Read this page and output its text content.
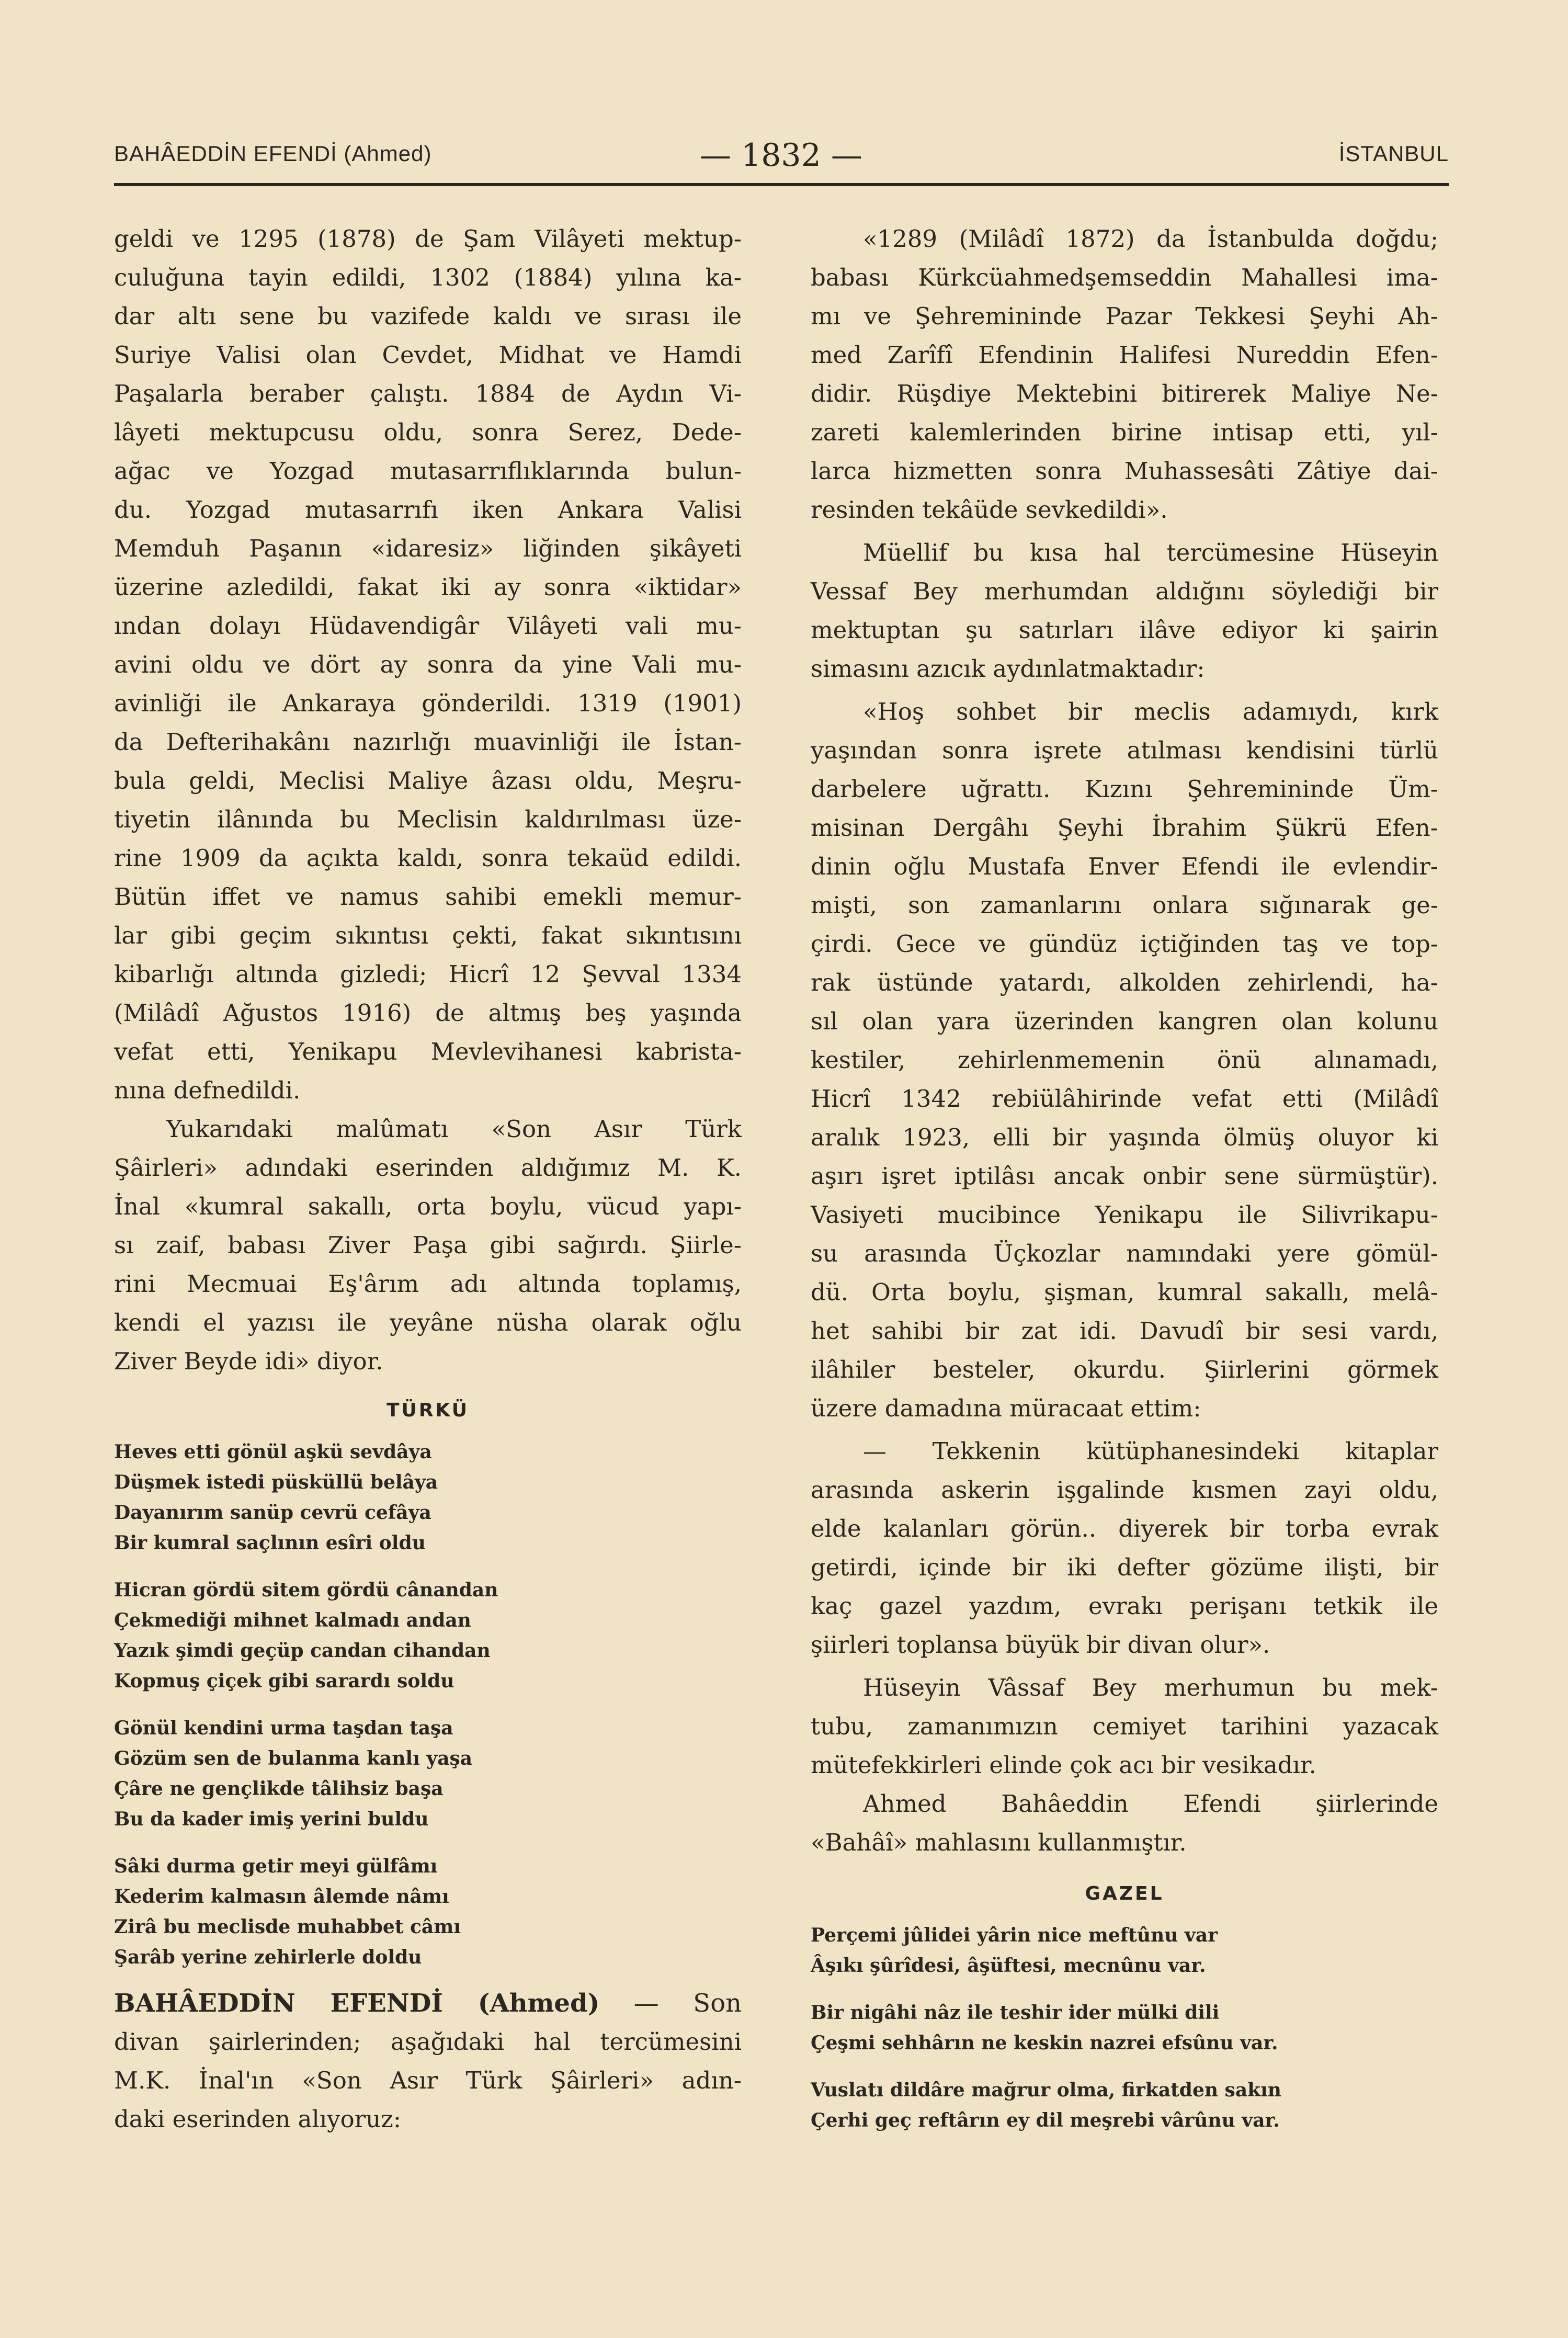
BAHÂEDDİN EFENDİ (Ahmed)	— 1832 —	İSTANBUL
geldi ve 1295 (1878) de Şam Vilâyeti mektup-
culuğuna tayin edildi, 1302 (1884) yılına ka-
dar altı sene bu vazifede kaldı ve sırası ile
Suriye Valisi olan Cevdet, Midhat ve Hamdi
Paşalarla beraber çalıştı. 1884 de Aydın Vi-
lâyeti mektupcusu oldu, sonra Serez, Dede-
ağac ve Yozgad mutasarrıflıklarında bulun-
du. Yozgad mutasarrıfı iken Ankara Valisi
Memduh Paşanın «idaresiz» liğinden şikâyeti
üzerine azledildi, fakat iki ay sonra «iktidar»
ından dolayı Hüdavendigâr Vilâyeti vali mu-
avini oldu ve dört ay sonra da yine Vali mu-
avinliği ile Ankaraya gönderildi. 1319 (1901)
da Defterihakânı nazırlığı muavinliği ile İstan-
bula geldi, Meclisi Maliye âzası oldu, Meşru-
tiyetin ilânında bu Meclisin kaldırılması üze-
rine 1909 da açıkta kaldı, sonra tekaüd edildi.
Bütün iffet ve namus sahibi emekli memur-
lar gibi geçim sıkıntısı çekti, fakat sıkıntısını
kibarlığı altında gizledi; Hicrî 12 Şevval 1334
(Milâdî Ağustos 1916) de altmış beş yaşında
vefat etti, Yenikapu Mevlevihanesi kabrista-
nına defnedildi.
Yukarıdaki malûmatı «Son Asır Türk
Şâirleri» adındaki eserinden aldığımız M. K.
İnal «kumral sakallı, orta boylu, vücud yapı-
sı zaif, babası Ziver Paşa gibi sağırdı. Şiirle-
rini Mecmuai Eş'ârım adı altında toplamış,
kendi el yazısı ile yeyâne nüsha olarak oğlu
Ziver Beyde idi» diyor.
TÜRKÜ
Heves etti gönül aşkü sevdâya
Düşmek istedi püsküllü belâya
Dayanırım sanüp cevrü cefâya
Bir kumral saçlının esîri oldu
Hicran gördü sitem gördü cânandan
Çekmediği mihnet kalmadı andan
Yazık şimdi geçüp candan cihandan
Kopmuş çiçek gibi sarardı soldu
Gönül kendini urma taşdan taşa
Gözüm sen de bulanma kanlı yaşa
Çâre ne gençlikde tâlihsiz başa
Bu da kader imiş yerini buldu
Sâki durma getir meyi gülfâmı
Kederim kalmasın âlemde nâmı
Zirâ bu meclisde muhabbet câmı
Şarâb yerine zehirlerle doldu
BAHÂEDDİN EFENDİ (Ahmed) — Son
divan şairlerinden; aşağıdaki hal tercümesini
M.K. İnal'ın «Son Asır Türk Şâirleri» adın-
daki eserinden alıyoruz:
«1289 (Milâdî 1872) da İstanbulda doğdu;
babası Kürkcüahmedşemseddin Mahallesi ima-
mı ve Şehremininde Pazar Tekkesi Şeyhi Ah-
med Zarîfî Efendinin Halifesi Nureddin Efen-
didir. Rüşdiye Mektebini bitirerek Maliye Ne-
zareti kalemlerinden birine intisap etti, yıl-
larca hizmetten sonra Muhassesâti Zâtiye dai-
resinden tekâüde sevkedildi».
Müellif bu kısa hal tercümesine Hüseyin
Vessaf Bey merhumdan aldığını söylediği bir
mektuptan şu satırları ilâve ediyor ki şairin
simasını azıcık aydınlatmaktadır:
«Hoş sohbet bir meclis adamıydı, kırk
yaşından sonra işrete atılması kendisini türlü
darbelere uğrattı. Kızını Şehremininde Üm-
misinan Dergâhı Şeyhi İbrahim Şükrü Efen-
dinin oğlu Mustafa Enver Efendi ile evlendir-
mişti, son zamanlarını onlara sığınarak ge-
çirdi. Gece ve gündüz içtiğinden taş ve top-
rak üstünde yatardı, alkolden zehirlendi, ha-
sıl olan yara üzerinden kangren olan kolunu
kestiler, zehirlenmemenin önü alınamadı,
Hicrî 1342 rebiülâhirinde vefat etti (Milâdî
aralık 1923, elli bir yaşında ölmüş oluyor ki
aşırı işret iptilâsı ancak onbir sene sürmüştür).
Vasiyeti mucibince Yenikapu ile Silivrikapu-
su arasında Üçkozlar namındaki yere gömül-
dü. Orta boylu, şişman, kumral sakallı, melâ-
het sahibi bir zat idi. Davudî bir sesi vardı,
ilâhiler besteler, okurdu. Şiirlerini görmek
üzere damadına müracaat ettim:
— Tekkenin kütüphanesindeki kitaplar
arasında askerin işgalinde kısmen zayi oldu,
elde kalanları görün.. diyerek bir torba evrak
getirdi, içinde bir iki defter gözüme ilişti, bir
kaç gazel yazdım, evrakı perişanı tetkik ile
şiirleri toplansa büyük bir divan olur».
Hüseyin Vâssaf Bey merhumun bu mek-
tubu, zamanımızın cemiyet tarihini yazacak
mütefekkirleri elinde çok acı bir vesikadır.
Ahmed Bahâeddin Efendi şiirlerinde
«Bahâî» mahlasını kullanmıştır.
GAZEL
Perçemi jûlidei yârin nice meftûnu var
Âşıkı şûrîdesi, âşüftesi, mecnûnu var.
Bir nigâhi nâz ile teshir ider mülki dili
Çeşmi sehhârın ne keskin nazrei efsûnu var.
Vuslatı dildâre mağrur olma, firkatden sakın
Çerhi geç reftârın ey dil meşrebi vârûnu var.
